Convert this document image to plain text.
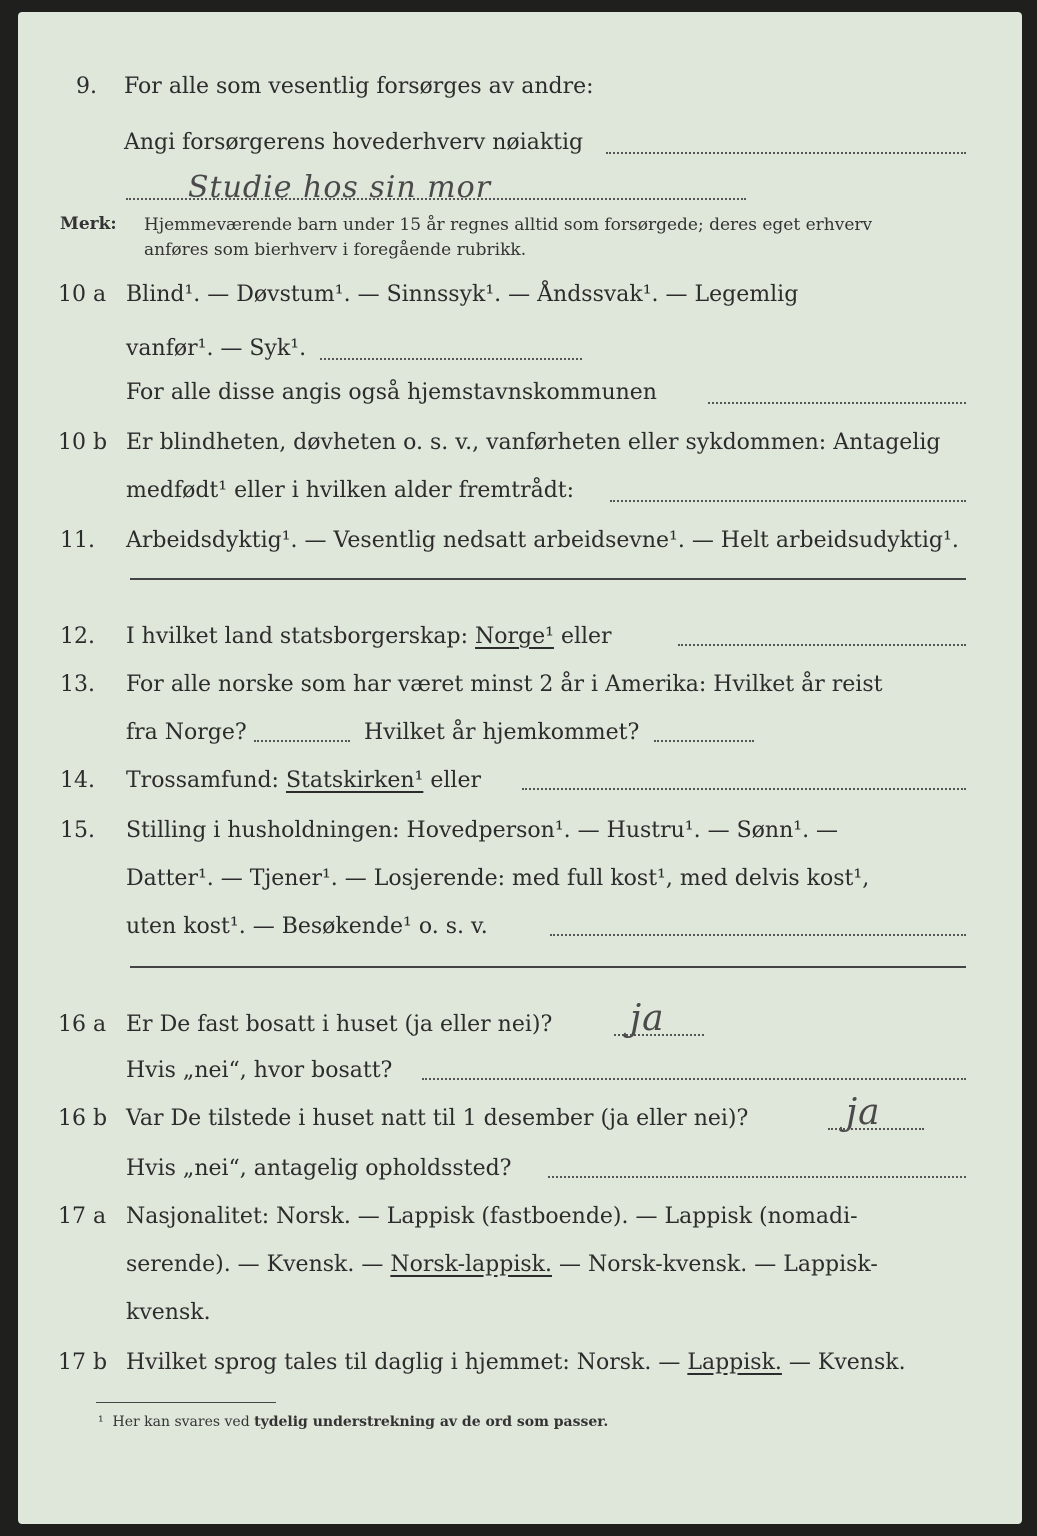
9. For alle som vesentlig forsørges av andre:
Angi forsørgerens hovederhverv nøiaktig
Studie hos sin mor
Merk: Hjemmeværende barn under 15 år regnes alltid som forsørgede; deres eget erhverv
anføres som bierhverv i foregående rubrikk.
10 a Blind¹. — Døvstum¹. — Sinnssyk¹. — Åndssvak¹. — Legemlig
vanfør¹. — Syk¹.
For alle disse angis også hjemstavnskommunen
10 b Er blindheten, døvheten o. s. v., vanførheten eller sykdommen: Antagelig
medfødt¹ eller i hvilken alder fremtrådt:
11. Arbeidsdyktig¹. — Vesentlig nedsatt arbeidsevne¹. — Helt arbeidsudyktig¹.
12. I hvilket land statsborgerskap: Norge¹ eller
13. For alle norske som har været minst 2 år i Amerika: Hvilket år reist
fra Norge?	Hvilket år hjemkommet?
14. Trossamfund: Statskirken¹ eller
15. Stilling i husholdningen: Hovedperson¹. — Hustru¹. — Sønn¹. —
Datter¹. — Tjener¹. — Losjerende: med full kost¹, med delvis kost¹,
uten kost¹. — Besøkende¹ o. s. v.
16 a Er De fast bosatt i huset (ja eller nei)? ja
Hvis „nei“, hvor bosatt?
16 b Var De tilstede i huset natt til 1 desember (ja eller nei)?	ja
Hvis „nei“, antagelig opholdssted?
17 a Nasjonalitet: Norsk. — Lappisk (fastboende). — Lappisk (nomadi-
serende). — Kvensk. — Norsk-lappisk. — Norsk-kvensk. — Lappisk-
kvensk.
17 b Hvilket sprog tales til daglig i hjemmet: Norsk. — Lappisk. — Kvensk.
¹ Her kan svares ved tydelig understrekning av de ord som passer.
